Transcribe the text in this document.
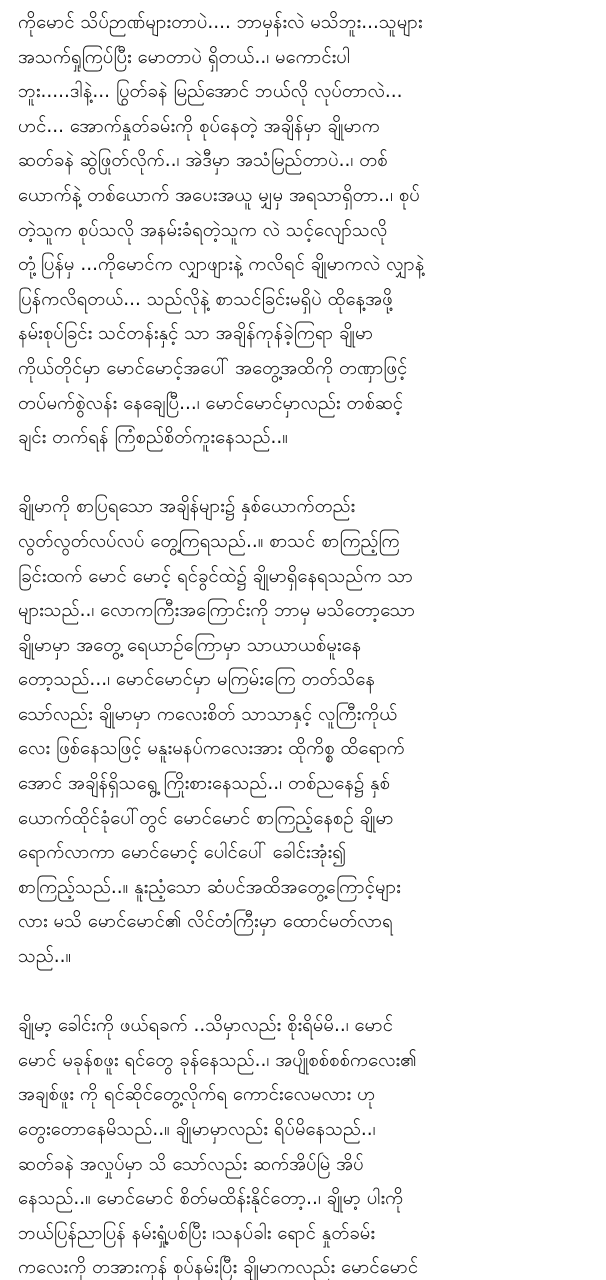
ကိုမောင် သိပ်ဉာဏ်များတာပဲ.... ဘာမှန်းလဲ မသိဘူး...သူများ
အသက်ရှုကြပ်ပြီး မောတာပဲ ရှိတယ်..၊ မကောင်းပါ
ဘူး.....ဒါနဲ့... ပြွတ်ခနဲ မြည်အောင် ဘယ်လို လုပ်တာလဲ...
ဟင်... အောက်နှုတ်ခမ်းကို စုပ်နေတဲ့ အချိန်မှာ ချိုမာက
ဆတ်ခနဲ ဆွဲဖြုတ်လိုက်..၊ အဲဒီမှာ အသံမြည်တာပဲ..၊ တစ်
ယောက်နဲ့ တစ်ယောက် အပေးအယူ မျှမှ အရသာရှိတာ..၊ စုပ်
တဲ့သူက စုပ်သလို အနမ်းခံရတဲ့သူက လဲ သင့်လျော်သလို
တုံ့ပြန်မှ ...ကိုမောင်က လျှာဖျားနဲ့ ကလိရင် ချိုမာကလဲ လျှာနဲ့
ပြန်ကလိရတယ်... သည်လိုနဲ့ စာသင်ခြင်းမရှိပဲ ထိုနေ့အဖို့
နမ်းစုပ်ခြင်း သင်တန်းနှင့် သာ အချိန်ကုန်ခဲ့ကြရာ ချိုမာ
ကိုယ်တိုင်မှာ မောင်မောင့်အပေါ် အတွေ့အထိကို တဏှာဖြင့်
တပ်မက်စွဲလန်း နေချေပြီ...၊ မောင်မောင်မှာလည်း တစ်ဆင့်
ချင်း တက်ရန် ကြံစည်စိတ်ကူးနေသည်..။
ချိုမာကို စာပြရသော အချိန်များ၌ နှစ်ယောက်တည်း
လွတ်လွတ်လပ်လပ် တွေ့ကြရသည်..။ စာသင် စာကြည့်ကြ
ခြင်းထက် မောင် မောင့် ရင်ခွင်ထဲ၌ ချိုမာရှိနေရသည်က သာ
များသည်..၊ လောကကြီးအကြောင်းကို ဘာမှ မသိတော့သော
ချိုမာမှာ အတွေ့ ရေယာဉ်ကြောမှာ သာယာယစ်မူးနေ
တော့သည်...၊ မောင်မောင်မှာ မကြမ်းကြေ တတ်သိနေ
သော်လည်း ချိုမာမှာ ကလေးစိတ် သာသာနှင့် လူကြီးကိုယ်
လေး ဖြစ်နေသဖြင့် မနူးမနပ်ကလေးအား ထိုကိစ္စ ထိရောက်
အောင် အချိန်ရှိသရွေ့ ကြိုးစားနေသည်..၊ တစ်ညနေ၌ နှစ်
ယောက်ထိုင်ခုံပေါ်တွင် မောင်မောင် စာကြည့်နေစဉ် ချိုမာ
ရောက်လာကာ မောင်မောင့် ပေါင်ပေါ် ခေါင်းအုံး၍
စာကြည့်သည်..။ နူးညံ့သော ဆံပင်အထိအတွေ့ကြောင့်များ
လား မသိ မောင်မောင်၏ လိင်တံကြီးမှာ ထောင်မတ်လာရ
သည်..။
ချိုမာ့ ခေါင်းကို ဖယ်ရခက် ..သိမှာလည်း စိုးရိမ်မိ..၊ မောင်
မောင် မခုန်စဖူး ရင်တွေ ခုန်နေသည်..၊ အပျိုစစ်စစ်ကလေး၏
အချစ်ဖူး ကို ရင်ဆိုင်တွေ့လိုက်ရ ကောင်းလေမလား ဟု
တွေးတောနေမိသည်..။ ချိုမာမှာလည်း ရိပ်မိနေသည်..၊
ဆတ်ခနဲ အလှုပ်မှာ သိ သော်လည်း ဆက်အိပ်မြဲ အိပ်
နေသည်..။ မောင်မောင် စိတ်မထိန်းနိုင်တော့..၊ ချိုမာ့ ပါးကို
ဘယ်ပြန်ညာပြန် နမ်းရှုံ့ပစ်ပြီး ၊သနပ်ခါး ရောင် နှုတ်ခမ်း
ကလေးကို တအားကုန် စုပ်နမ်းပြီး ချိုမာကလည်း မောင်မောင်
